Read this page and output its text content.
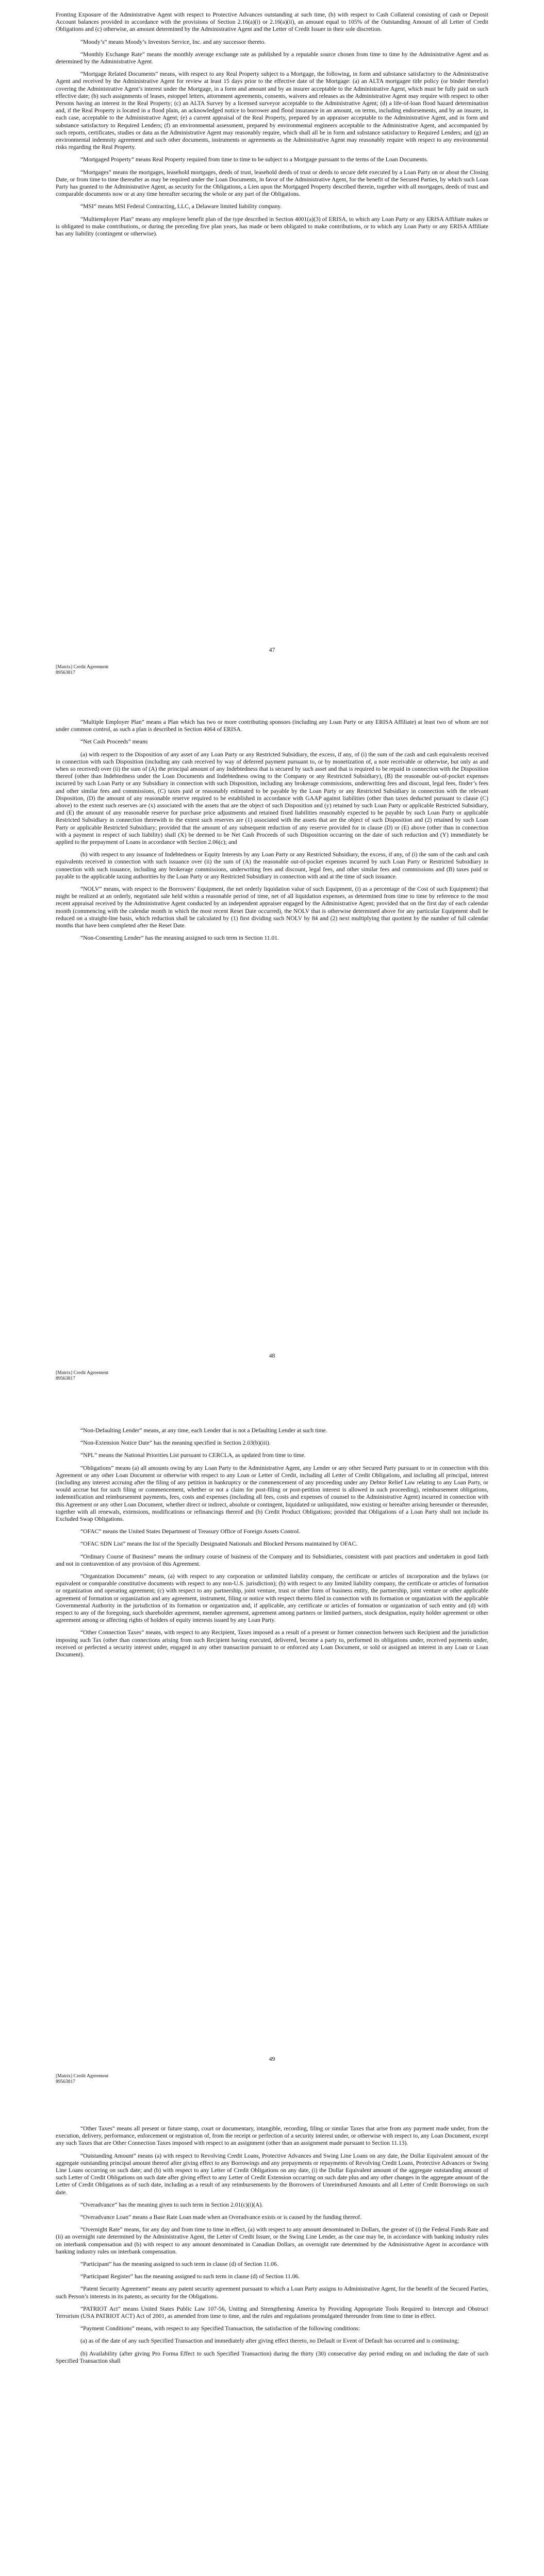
Fronting Exposure of the Administrative Agent with respect to Protective Advances outstanding at such time, (b) with respect to Cash Collateral consisting of cash or Deposit Account balances provided in accordance with the provisions of Section 2.16(a)(i) or 2.16(a)(ii), an amount equal to 105% of the Outstanding Amount of all Letter of Credit Obligations and (c) otherwise, an amount determined by the Administrative Agent and the Letter of Credit Issuer in their sole discretion.

“Moody’s” means Moody’s Investors Service, Inc. and any successor thereto.

“Monthly Exchange Rate” means the monthly average exchange rate as published by a reputable source chosen from time to time by the Administrative Agent and as determined by the Administrative Agent.

“Mortgage Related Documents” means, with respect to any Real Property subject to a Mortgage, the following, in form and substance satisfactory to the Administrative Agent and received by the Administrative Agent for review at least 15 days prior to the effective date of the Mortgage: (a) an ALTA mortgagee title policy (or binder therefor) covering the Administrative Agent’s interest under the Mortgage, in a form and amount and by an insurer acceptable to the Administrative Agent, which must be fully paid on such effective date; (b) such assignments of leases, estoppel letters, attornment agreements, consents, waivers and releases as the Administrative Agent may require with respect to other Persons having an interest in the Real Property; (c) an ALTA Survey by a licensed surveyor acceptable to the Administrative Agent; (d) a life-of-loan flood hazard determination and, if the Real Property is located in a flood plain, an acknowledged notice to borrower and flood insurance in an amount, on terms, including endorsements, and by an insurer, in each case, acceptable to the Administrative Agent; (e) a current appraisal of the Real Property, prepared by an appraiser acceptable to the Administrative Agent, and in form and substance satisfactory to Required Lenders; (f) an environmental assessment, prepared by environmental engineers acceptable to the Administrative Agent, and accompanied by such reports, certificates, studies or data as the Administrative Agent may reasonably require, which shall all be in form and substance satisfactory to Required Lenders; and (g) an environmental indemnity agreement and such other documents, instruments or agreements as the Administrative Agent may reasonably require with respect to any environmental risks regarding the Real Property.

“Mortgaged Property” means Real Property required from time to time to be subject to a Mortgage pursuant to the terms of the Loan Documents.

“Mortgages” means the mortgages, leasehold mortgages, deeds of trust, leasehold deeds of trust or deeds to secure debt executed by a Loan Party on or about the Closing Date, or from time to time thereafter as may be required under the Loan Documents, in favor of the Administrative Agent, for the benefit of the Secured Parties, by which such Loan Party has granted to the Administrative Agent, as security for the Obligations, a Lien upon the Mortgaged Property described therein, together with all mortgages, deeds of trust and comparable documents now or at any time hereafter securing the whole or any part of the Obligations.

“MSI” means MSI Federal Contracting, LLC, a Delaware limited liability company.

“Multiemployer Plan” means any employee benefit plan of the type described in Section 4001(a)(3) of ERISA, to which any Loan Party or any ERISA Affiliate makes or is obligated to make contributions, or during the preceding five plan years, has made or been obligated to make contributions, or to which any Loan Party or any ERISA Affiliate has any liability (contingent or otherwise).

47
[Matrix] Credit Agreement
89563817

“Multiple Employer Plan” means a Plan which has two or more contributing sponsors (including any Loan Party or any ERISA Affiliate) at least two of whom are not under common control, as such a plan is described in Section 4064 of ERISA.

“Net Cash Proceeds” means

(a) with respect to the Disposition of any asset of any Loan Party or any Restricted Subsidiary, the excess, if any, of (i) the sum of the cash and cash equivalents received in connection with such Disposition (including any cash received by way of deferred payment pursuant to, or by monetization of, a note receivable or otherwise, but only as and when so received) over (ii) the sum of (A) the principal amount of any Indebtedness that is secured by such asset and that is required to be repaid in connection with the Disposition thereof (other than Indebtedness under the Loan Documents and Indebtedness owing to the Company or any Restricted Subsidiary), (B) the reasonable out-of-pocket expenses incurred by such Loan Party or any Subsidiary in connection with such Disposition, including any brokerage commissions, underwriting fees and discount, legal fees, finder’s fees and other similar fees and commissions, (C) taxes paid or reasonably estimated to be payable by the Loan Party or any Restricted Subsidiary in connection with the relevant Disposition, (D) the amount of any reasonable reserve required to be established in accordance with GAAP against liabilities (other than taxes deducted pursuant to clause (C) above) to the extent such reserves are (x) associated with the assets that are the object of such Disposition and (y) retained by such Loan Party or applicable Restricted Subsidiary, and (E) the amount of any reasonable reserve for purchase price adjustments and retained fixed liabilities reasonably expected to be payable by such Loan Party or applicable Restricted Subsidiary in connection therewith to the extent such reserves are (1) associated with the assets that are the object of such Disposition and (2) retained by such Loan Party or applicable Restricted Subsidiary; provided that the amount of any subsequent reduction of any reserve provided for in clause (D) or (E) above (other than in connection with a payment in respect of such liability) shall (X) be deemed to be Net Cash Proceeds of such Disposition occurring on the date of such reduction and (Y) immediately be applied to the prepayment of Loans in accordance with Section 2.06(c); and

(b) with respect to any issuance of Indebtedness or Equity Interests by any Loan Party or any Restricted Subsidiary, the excess, if any, of (i) the sum of the cash and cash equivalents received in connection with such issuance over (ii) the sum of (A) the reasonable out-of-pocket expenses incurred by such Loan Party or Restricted Subsidiary in connection with such issuance, including any brokerage commissions, underwriting fees and discount, legal fees, and other similar fees and commissions and (B) taxes paid or payable to the applicable taxing authorities by the Loan Party or any Restricted Subsidiary in connection with and at the time of such issuance.

“NOLV” means, with respect to the Borrowers’ Equipment, the net orderly liquidation value of such Equipment, (i) as a percentage of the Cost of such Equipment) that might be realized at an orderly, negotiated sale held within a reasonable period of time, net of all liquidation expenses, as determined from time to time by reference to the most recent appraisal received by the Administrative Agent conducted by an independent appraiser engaged by the Administrative Agent; provided that on the first day of each calendar month (commencing with the calendar month in which the most recent Reset Date occurred), the NOLV that is otherwise determined above for any particular Equipment shall be reduced on a straight-line basis, which reduction shall be calculated by (1) first dividing such NOLV by 84 and (2) next multiplying that quotient by the number of full calendar months that have been completed after the Reset Date.

“Non-Consenting Lender” has the meaning assigned to such term in Section 11.01.

48
[Matrix] Credit Agreement
89563817

“Non-Defaulting Lender” means, at any time, each Lender that is not a Defaulting Lender at such time.

“Non-Extension Notice Date” has the meaning specified in Section 2.03(b)(iii).

“NPL” means the National Priorities List pursuant to CERCLA, as updated from time to time.

“Obligations” means (a) all amounts owing by any Loan Party to the Administrative Agent, any Lender or any other Secured Party pursuant to or in connection with this Agreement or any other Loan Document or otherwise with respect to any Loan or Letter of Credit, including all Letter of Credit Obligations, and including all principal, interest (including any interest accruing after the filing of any petition in bankruptcy or the commencement of any proceeding under any Debtor Relief Law relating to any Loan Party, or would accrue but for such filing or commencement, whether or not a claim for post-filing or post-petition interest is allowed in such proceeding), reimbursement obligations, indemnification and reimbursement payments, fees, costs and expenses (including all fees, costs and expenses of counsel to the Administrative Agent) incurred in connection with this Agreement or any other Loan Document, whether direct or indirect, absolute or contingent, liquidated or unliquidated, now existing or hereafter arising hereunder or thereunder, together with all renewals, extensions, modifications or refinancings thereof and (b) Credit Product Obligations; provided that Obligations of a Loan Party shall not include its Excluded Swap Obligations.

“OFAC” means the United States Department of Treasury Office of Foreign Assets Control.

“OFAC SDN List” means the list of the Specially Designated Nationals and Blocked Persons maintained by OFAC.

“Ordinary Course of Business” means the ordinary course of business of the Company and its Subsidiaries, consistent with past practices and undertaken in good faith and not in contravention of any provision of this Agreement.

“Organization Documents” means, (a) with respect to any corporation or unlimited liability company, the certificate or articles of incorporation and the bylaws (or equivalent or comparable constitutive documents with respect to any non-U.S. jurisdiction); (b) with respect to any limited liability company, the certificate or articles of formation or organization and operating agreement; (c) with respect to any partnership, joint venture, trust or other form of business entity, the partnership, joint venture or other applicable agreement of formation or organization and any agreement, instrument, filing or notice with respect thereto filed in connection with its formation or organization with the applicable Governmental Authority in the jurisdiction of its formation or organization and, if applicable, any certificate or articles of formation or organization of such entity and (d) with respect to any of the foregoing, such shareholder agreement, member agreement, agreement among partners or limited partners, stock designation, equity holder agreement or other agreement among or affecting rights of holders of equity interests issued by any Loan Party.

“Other Connection Taxes” means, with respect to any Recipient, Taxes imposed as a result of a present or former connection between such Recipient and the jurisdiction imposing such Tax (other than connections arising from such Recipient having executed, delivered, become a party to, performed its obligations under, received payments under, received or perfected a security interest under, engaged in any other transaction pursuant to or enforced any Loan Document, or sold or assigned an interest in any Loan or Loan Document).

49
[Matrix] Credit Agreement
89563817

“Other Taxes” means all present or future stamp, court or documentary, intangible, recording, filing or similar Taxes that arise from any payment made under, from the execution, delivery, performance, enforcement or registration of, from the receipt or perfection of a security interest under, or otherwise with respect to, any Loan Document, except any such Taxes that are Other Connection Taxes imposed with respect to an assignment (other than an assignment made pursuant to Section 11.13).

“Outstanding Amount” means (a) with respect to Revolving Credit Loans, Protective Advances and Swing Line Loans on any date, the Dollar Equivalent amount of the aggregate outstanding principal amount thereof after giving effect to any Borrowings and any prepayments or repayments of Revolving Credit Loans, Protective Advances or Swing Line Loans occurring on such date; and (b) with respect to any Letter of Credit Obligations on any date, (i) the Dollar Equivalent amount of the aggregate outstanding amount of such Letter of Credit Obligations on such date after giving effect to any Letter of Credit Extension occurring on such date plus and any other changes in the aggregate amount of the Letter of Credit Obligations as of such date, including as a result of any reimbursements by the Borrowers of Unreimbursed Amounts and all Letter of Credit Borrowings on such date.

“Overadvance” has the meaning given to such term in Section 2.01(c)(i)(A).

“Overadvance Loan” means a Base Rate Loan made when an Overadvance exists or is caused by the funding thereof.

“Overnight Rate” means, for any day and from time to time in effect, (a) with respect to any amount denominated in Dollars, the greater of (i) the Federal Funds Rate and (ii) an overnight rate determined by the Administrative Agent, the Letter of Credit Issuer, or the Swing Line Lender, as the case may be, in accordance with banking industry rules on interbank compensation and (b) with respect to any amount denominated in Canadian Dollars, an overnight rate determined by the Administrative Agent in accordance with banking industry rules on interbank compensation.

“Participant” has the meaning assigned to such term in clause (d) of Section 11.06.

“Participant Register” has the meaning assigned to such term in clause (d) of Section 11.06.

“Patent Security Agreement” means any patent security agreement pursuant to which a Loan Party assigns to Administrative Agent, for the benefit of the Secured Parties, such Person’s interests in its patents, as security for the Obligations.

“PATRIOT Act” means United States Public Law 107-56, Uniting and Strengthening America by Providing Appropriate Tools Required to Intercept and Obstruct Terrorism (USA PATRIOT ACT) Act of 2001, as amended from time to time, and the rules and regulations promulgated thereunder from time to time in effect.

“Payment Conditions” means, with respect to any Specified Transaction, the satisfaction of the following conditions:

(a) as of the date of any such Specified Transaction and immediately after giving effect thereto, no Default or Event of Default has occurred and is continuing;

(b) Availability (after giving Pro Forma Effect to such Specified Transaction) during the thirty (30) consecutive day period ending on and including the date of such Specified Transaction shall
